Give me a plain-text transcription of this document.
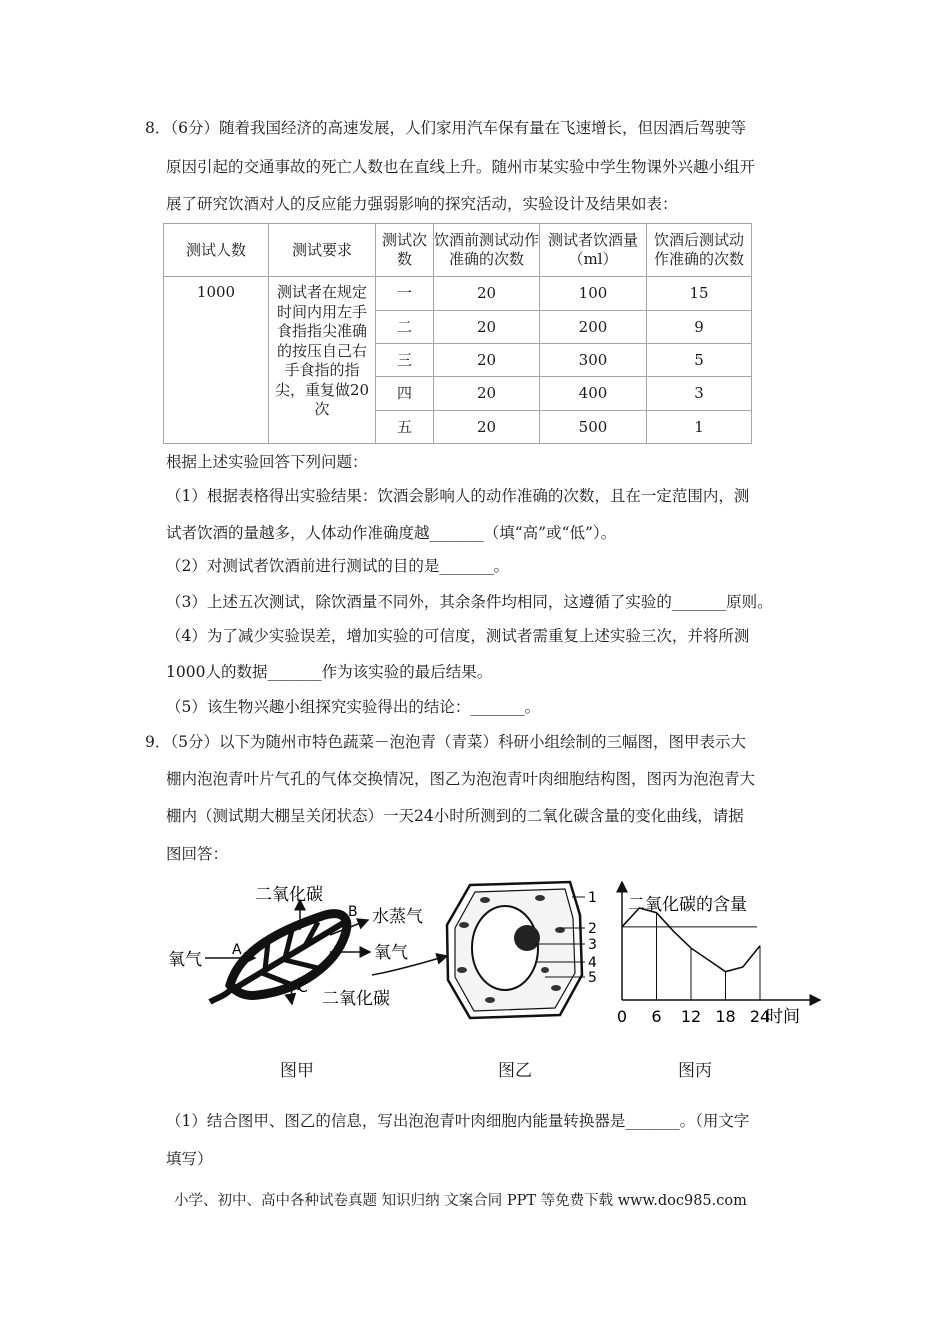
8．（6分）随着我国经济的高速发展，人们家用汽车保有量在飞速增长，但因酒后驾驶等
原因引起的交通事故的死亡人数也在直线上升。随州市某实验中学生物课外兴趣小组开
展了研究饮酒对人的反应能力强弱影响的探究活动，实验设计及结果如表：
测试人数	测试要求	测试次数	饮酒前测试动作准确的次数	测试者饮酒量（ml）	饮酒后测试动作准确的次数
1000	测试者在规定时间内用左手食指指尖准确的按压自己右手食指的指尖，重复做20次	一	20	100	15
		二	20	200	9
		三	20	300	5
		四	20	400	3
		五	20	500	1
根据上述实验回答下列问题：
（1）根据表格得出实验结果：饮酒会影响人的动作准确的次数，且在一定范围内，测
试者饮酒的量越多，人体动作准确度越_______（填“高”或“低”）。
（2）对测试者饮酒前进行测试的目的是_______。
（3）上述五次测试，除饮酒量不同外，其余条件均相同，这遵循了实验的_______原则。
（4）为了减少实验误差，增加实验的可信度，测试者需重复上述实验三次，并将所测
1000人的数据_______作为该实验的最后结果。
（5）该生物兴趣小组探究实验得出的结论：_______。
9．（5分）以下为随州市特色蔬菜－泡泡青（青菜）科研小组绘制的三幅图，图甲表示大
棚内泡泡青叶片气孔的气体交换情况，图乙为泡泡青叶肉细胞结构图，图丙为泡泡青大
棚内（测试期大棚呈关闭状态）一天24小时所测到的二氧化碳含量的变化曲线，请据
图回答：
二氧化碳
B 水蒸气
氧气 A	氧气
C
二氧化碳
1
2
3
4
5
二氧化碳的含量
时间
0 6 12 18 24
图甲	图乙	图丙
（1）结合图甲、图乙的信息，写出泡泡青叶肉细胞内能量转换器是_______。（用文字
填写）
小学、初中、高中各种试卷真题 知识归纳 文案合同 PPT 等免费下载 www.doc985.com
